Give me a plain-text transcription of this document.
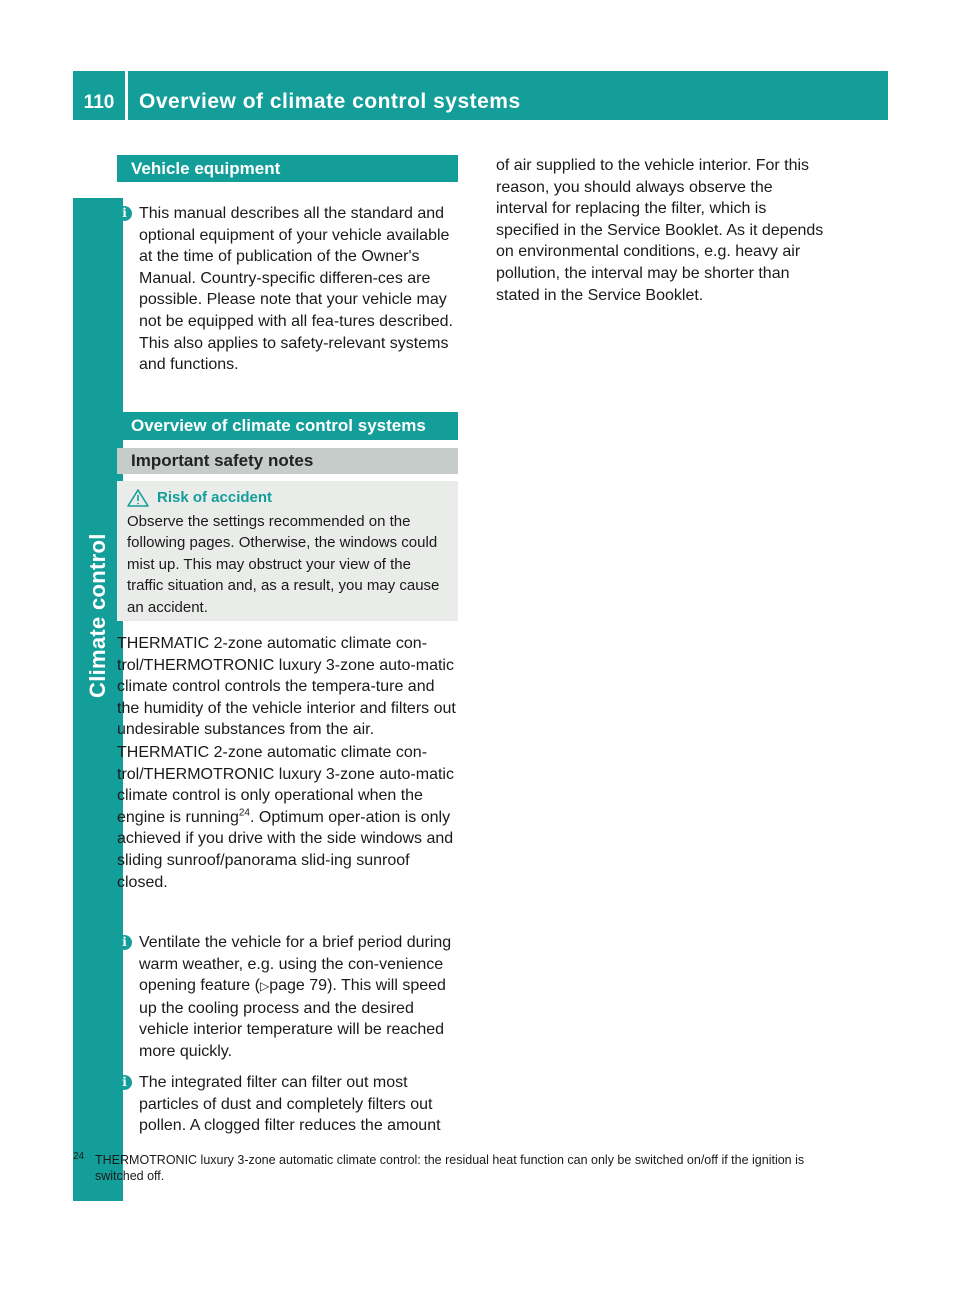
110	Overview of climate control systems
Climate control
Vehicle equipment
i This manual describes all the standard and optional equipment of your vehicle available at the time of publication of the Owner's Manual. Country-specific differen-ces are possible. Please note that your vehicle may not be equipped with all fea-tures described. This also applies to safety-relevant systems and functions.
Overview of climate control systems
Important safety notes
Risk of accident
Observe the settings recommended on the following pages. Otherwise, the windows could mist up. This may obstruct your view of the traffic situation and, as a result, you may cause an accident.
THERMATIC 2-zone automatic climate con-trol/THERMOTRONIC luxury 3-zone auto-matic climate control controls the tempera-ture and the humidity of the vehicle interior and filters out undesirable substances from the air.
THERMATIC 2-zone automatic climate con-trol/THERMOTRONIC luxury 3-zone auto-matic climate control is only operational when the engine is running$^{24}$. Optimum oper-ation is only achieved if you drive with the side windows and sliding sunroof/panorama slid-ing sunroof closed.
i Ventilate the vehicle for a brief period during warm weather, e.g. using the con-venience opening feature (▷page 79). This will speed up the cooling process and the desired vehicle interior temperature will be reached more quickly.
i The integrated filter can filter out most particles of dust and completely filters out pollen. A clogged filter reduces the amount
of air supplied to the vehicle interior. For this reason, you should always observe the interval for replacing the filter, which is specified in the Service Booklet. As it depends on environmental conditions, e.g. heavy air pollution, the interval may be shorter than stated in the Service Booklet.
24 THERMOTRONIC luxury 3-zone automatic climate control: the residual heat function can only be switched on/off if the ignition is switched off.
